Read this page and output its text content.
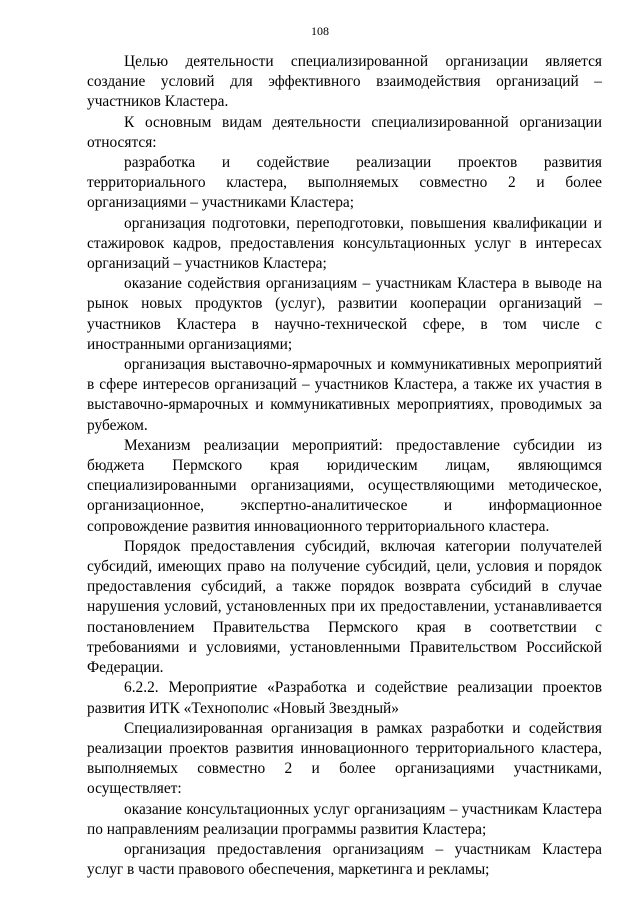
108

Целью деятельности специализированной организации является создание условий для эффективного взаимодействия организаций – участников Кластера.

К основным видам деятельности специализированной организации относятся:

разработка и содействие реализации проектов развития территориального кластера, выполняемых совместно 2 и более организациями – участниками Кластера;

организация подготовки, переподготовки, повышения квалификации и стажировок кадров, предоставления консультационных услуг в интересах организаций – участников Кластера;

оказание содействия организациям – участникам Кластера в выводе на рынок новых продуктов (услуг), развитии кооперации организаций – участников Кластера в научно-технической сфере, в том числе с иностранными организациями;

организация выставочно-ярмарочных и коммуникативных мероприятий в сфере интересов организаций – участников Кластера, а также их участия в выставочно-ярмарочных и коммуникативных мероприятиях, проводимых за рубежом.

Механизм реализации мероприятий: предоставление субсидии из бюджета Пермского края юридическим лицам, являющимся специализированными организациями, осуществляющими методическое, организационное, экспертно-аналитическое и информационное сопровождение развития инновационного территориального кластера.

Порядок предоставления субсидий, включая категории получателей субсидий, имеющих право на получение субсидий, цели, условия и порядок предоставления субсидий, а также порядок возврата субсидий в случае нарушения условий, установленных при их предоставлении, устанавливается постановлением Правительства Пермского края в соответствии с требованиями и условиями, установленными Правительством Российской Федерации.

6.2.2. Мероприятие «Разработка и содействие реализации проектов развития ИТК «Технополис «Новый Звездный»

Специализированная организация в рамках разработки и содействия реализации проектов развития инновационного территориального кластера, выполняемых совместно 2 и более организациями участниками, осуществляет:

оказание консультационных услуг организациям – участникам Кластера по направлениям реализации программы развития Кластера;

организация предоставления организациям – участникам Кластера услуг в части правового обеспечения, маркетинга и рекламы;
